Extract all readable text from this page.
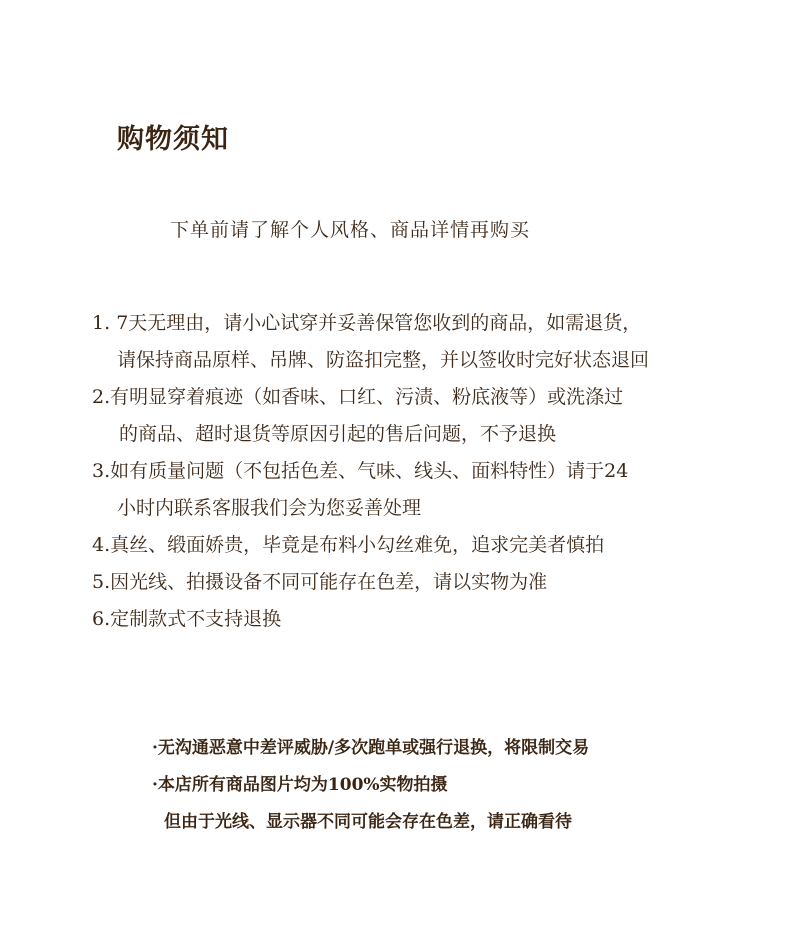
购物须知
下单前请了解个人风格、商品详情再购买
1. 7天无理由，请小心试穿并妥善保管您收到的商品，如需退货，
请保持商品原样、吊牌、防盗扣完整，并以签收时完好状态退回
2.有明显穿着痕迹（如香味、口红、污渍、粉底液等）或洗涤过
的商品、超时退货等原因引起的售后问题，不予退换
3.如有质量问题（不包括色差、气味、线头、面料特性）请于24
小时内联系客服我们会为您妥善处理
4.真丝、缎面娇贵，毕竟是布料小勾丝难免，追求完美者慎拍
5.因光线、拍摄设备不同可能存在色差，请以实物为准
6.定制款式不支持退换
·无沟通恶意中差评威胁/多次跑单或强行退换，将限制交易
·本店所有商品图片均为100%实物拍摄
但由于光线、显示器不同可能会存在色差，请正确看待
